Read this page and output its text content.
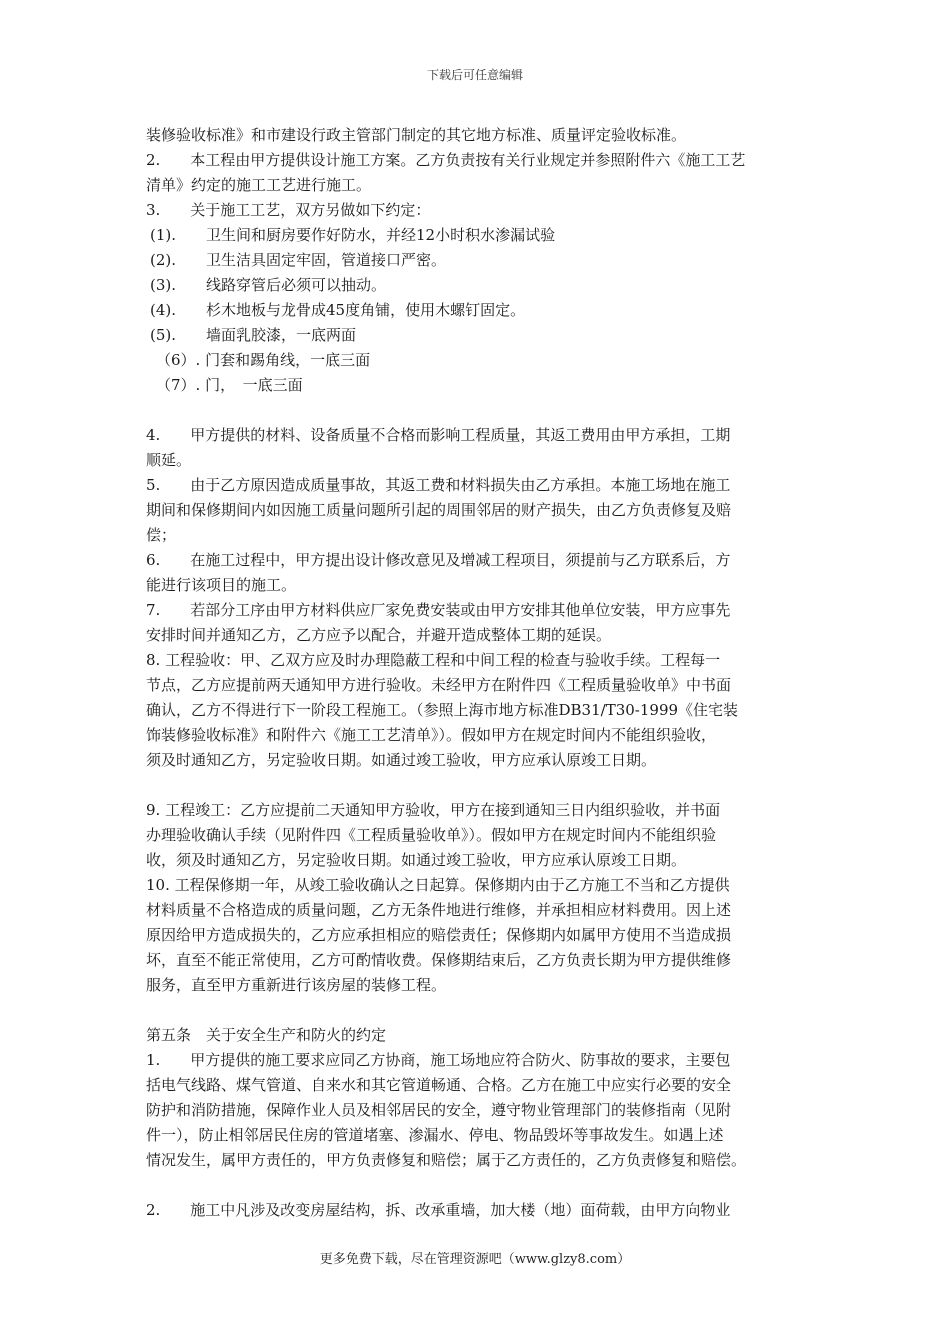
下载后可任意编辑
装修验收标准》和市建设行政主管部门制定的其它地方标准、质量评定验收标准。
2.　　本工程由甲方提供设计施工方案。乙方负责按有关行业规定并参照附件六《施工工艺
清单》约定的施工工艺进行施工。
3.　　关于施工工艺，双方另做如下约定：
(1).　　卫生间和厨房要作好防水，并经12小时积水渗漏试验
(2).　　卫生洁具固定牢固，管道接口严密。
(3).　　线路穿管后必须可以抽动。
(4).　　杉木地板与龙骨成45度角铺，使用木螺钉固定。
(5).　　墙面乳胶漆，一底两面
（6）. 门套和踢角线，一底三面
（7）. 门，　一底三面
4.　　甲方提供的材料、设备质量不合格而影响工程质量，其返工费用由甲方承担，工期
顺延。
5.　　由于乙方原因造成质量事故，其返工费和材料损失由乙方承担。本施工场地在施工
期间和保修期间内如因施工质量问题所引起的周围邻居的财产损失，由乙方负责修复及赔
偿；
6.　　在施工过程中，甲方提出设计修改意见及增减工程项目，须提前与乙方联系后，方
能进行该项目的施工。
7.　　若部分工序由甲方材料供应厂家免费安装或由甲方安排其他单位安装，甲方应事先
安排时间并通知乙方，乙方应予以配合，并避开造成整体工期的延误。
8. 工程验收：甲、乙双方应及时办理隐蔽工程和中间工程的检查与验收手续。工程每一
节点，乙方应提前两天通知甲方进行验收。未经甲方在附件四《工程质量验收单》中书面
确认，乙方不得进行下一阶段工程施工。（参照上海市地方标准DB31/T30-1999《住宅装
饰装修验收标准》和附件六《施工工艺清单》）。假如甲方在规定时间内不能组织验收，
须及时通知乙方，另定验收日期。如通过竣工验收，甲方应承认原竣工日期。
9. 工程竣工：乙方应提前二天通知甲方验收，甲方在接到通知三日内组织验收，并书面
办理验收确认手续（见附件四《工程质量验收单》）。假如甲方在规定时间内不能组织验
收，须及时通知乙方，另定验收日期。如通过竣工验收，甲方应承认原竣工日期。
10. 工程保修期一年，从竣工验收确认之日起算。保修期内由于乙方施工不当和乙方提供
材料质量不合格造成的质量问题，乙方无条件地进行维修，并承担相应材料费用。因上述
原因给甲方造成损失的，乙方应承担相应的赔偿责任；保修期内如属甲方使用不当造成损
坏，直至不能正常使用，乙方可酌情收费。保修期结束后，乙方负责长期为甲方提供维修
服务，直至甲方重新进行该房屋的装修工程。
第五条　关于安全生产和防火的约定
1.　　甲方提供的施工要求应同乙方协商，施工场地应符合防火、防事故的要求，主要包
括电气线路、煤气管道、自来水和其它管道畅通、合格。乙方在施工中应实行必要的安全
防护和消防措施，保障作业人员及相邻居民的安全，遵守物业管理部门的装修指南（见附
件一），防止相邻居民住房的管道堵塞、渗漏水、停电、物品毁坏等事故发生。如遇上述
情况发生，属甲方责任的，甲方负责修复和赔偿；属于乙方责任的，乙方负责修复和赔偿。
2.　　施工中凡涉及改变房屋结构，拆、改承重墙，加大楼（地）面荷载，由甲方向物业
更多免费下载，尽在管理资源吧（www.glzy8.com）
